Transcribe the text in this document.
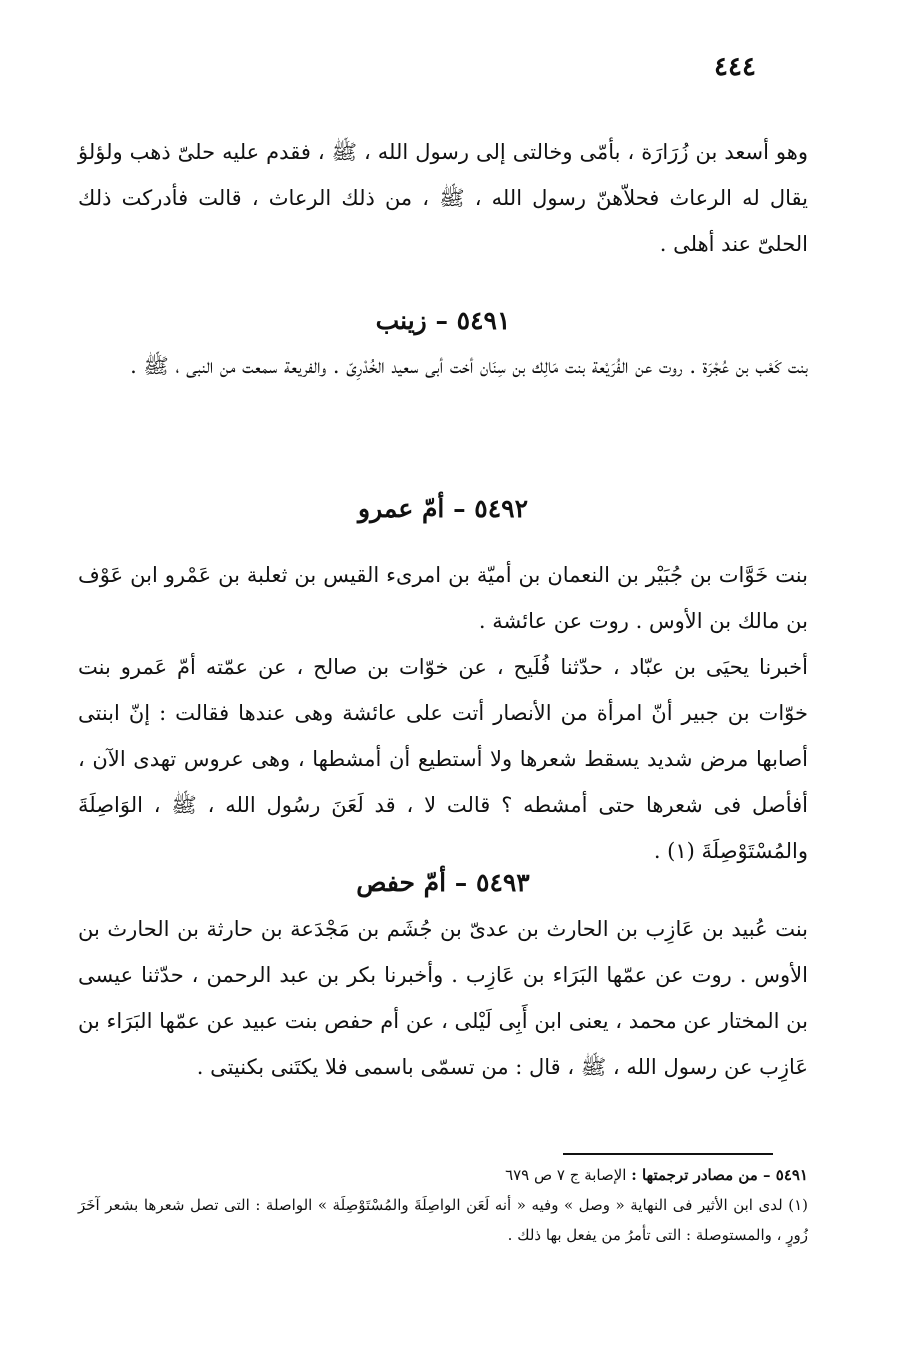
٤٤٤

وهو أسعد بن زُرَارَة ، بأمّى وخالتى إلى رسول الله ، ﷺ ، فقدم عليه حلىّ ذهب ولؤلؤ يقال له الرعاث فحلاّهنّ رسول الله ، ﷺ ، من ذلك الرعاث ، قالت فأدركت ذلك الحلىّ عند أهلى .

٥٤٩١ – زينب

بنت كَعْب بن عُجْرَة . روت عن الفُرَيْعة بنت مَالِك بن سِنَان أخت أبى سعيد الخُدْرِىّ . والفريعة سمعت من النبى ، ﷺ .

٥٤٩٢ – أمّ عمرو

بنت خَوَّات بن جُبَيْر بن النعمان بن أميّة بن امرىء القيس بن ثعلبة بن عَمْرو ابن عَوْف بن مالك بن الأوس . روت عن عائشة .

أخبرنا يحيَى بن عبّاد ، حدّثنا فُلَيح ، عن خوّات بن صالح ، عن عمّته أمّ عَمرو بنت خوّات بن جبير أنّ امرأة من الأنصار أتت على عائشة وهى عندها فقالت : إنّ ابنتى أصابها مرض شديد يسقط شعرها ولا أستطيع أن أمشطها ، وهى عروس تهدى الآن ، أفأصل فى شعرها حتى أمشطه ؟ قالت لا ، قد لَعَنَ رسُول الله ، ﷺ ، الوَاصِلَةَ والمُسْتَوْصِلَةَ (١) .

٥٤٩٣ – أمّ حفص

بنت عُبيد بن عَازِب بن الحارث بن عدىّ بن جُشَم بن مَجْدَعة بن حارثة بن الحارث بن الأوس . روت عن عمّها البَرَاء بن عَازِب . وأخبرنا بكر بن عبد الرحمن ، حدّثنا عيسى بن المختار عن محمد ، يعنى ابن أَبِى لَيْلى ، عن أم حفص بنت عبيد عن عمّها البَرَاء بن عَازِب عن رسول الله ، ﷺ ، قال : من تسمّى باسمى فلا يكتَنى بكنيتى .

٥٤٩١ – من مصادر ترجمتها : الإصابة ج ٧ ص ٦٧٩

(١) لدى ابن الأثير فى النهاية « وصل » وفيه « أنه لَعَن الواصِلَةَ والمُسْتَوْصِلَة » الواصلة : التى تصل شعرها بشعر آخَرَ زُورٍ ، والمستوصلة : التى تأمرُ من يفعل بها ذلك .
